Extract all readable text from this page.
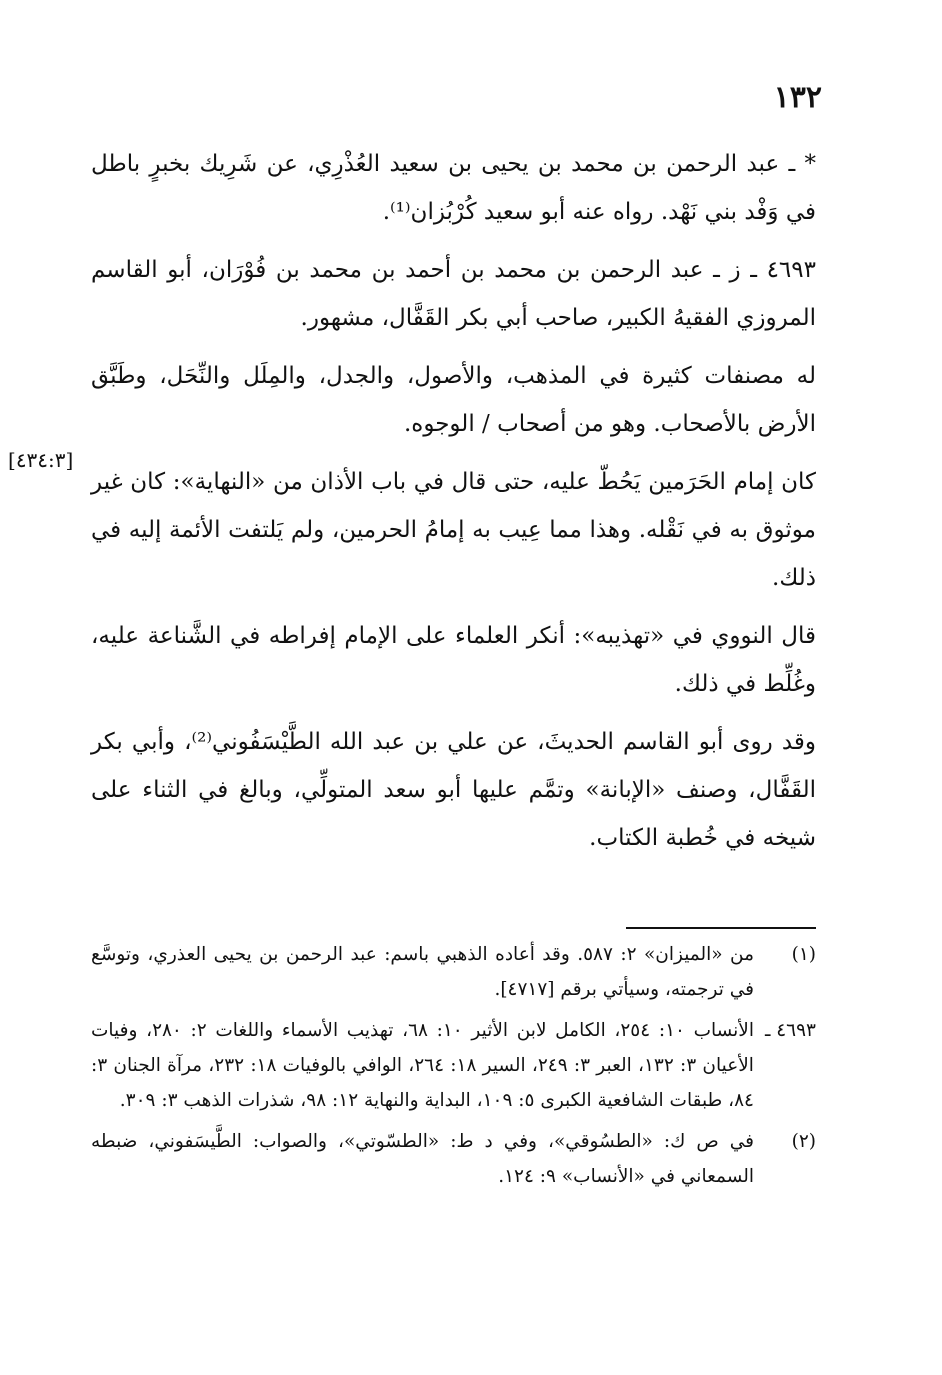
١٣٢

* ـ عبد الرحمن بن محمد بن يحيى بن سعيد العُذْرِي، عن شَرِيك بخبرٍ باطل في وَفْد بني نَهْد. رواه عنه أبو سعيد كُرْبُزان⁽¹⁾.

٤٦٩٣ ـ ز ـ عبد الرحمن بن محمد بن أحمد بن محمد بن فُوْرَان، أبو القاسم المروزي الفقيهُ الكبير، صاحب أبي بكر القَفَّال، مشهور.

له مصنفات كثيرة في المذهب، والأصول، والجدل، والمِلَل والنِّحَل، وطَبَّق الأرض بالأصحاب. وهو من أصحاب / الوجوه.

كان إمام الحَرَمين يَحُطّ عليه، حتى قال في باب الأذان من «النهاية»: كان غير موثوق به في نَقْله. وهذا مما عِيب به إمامُ الحرمين، ولم يَلتفت الأئمة إليه في ذلك.

قال النووي في «تهذيبه»: أنكر العلماء على الإمام إفراطه في الشَّناعة عليه، وغُلِّط في ذلك.

وقد روى أبو القاسم الحديثَ، عن علي بن عبد الله الطَّيْسَفُوني⁽²⁾، وأبي بكر القَفَّال، وصنف «الإبانة» وتمَّم عليها أبو سعد المتولِّي، وبالغ في الثناء على شيخه في خُطبة الكتاب.

[٤٣٤:٣]
(١)
من «الميزان» ٢: ٥٨٧. وقد أعاده الذهبي باسم: عبد الرحمن بن يحيى العذري، وتوسَّع في ترجمته، وسيأتي برقم [٤٧١٧].
٤٦٩٣ ـ
الأنساب ١٠: ٢٥٤، الكامل لابن الأثير ١٠: ٦٨، تهذيب الأسماء واللغات ٢: ٢٨٠، وفيات الأعيان ٣: ١٣٢، العبر ٣: ٢٤٩، السير ١٨: ٢٦٤، الوافي بالوفيات ١٨: ٢٣٢، مرآة الجنان ٣: ٨٤، طبقات الشافعية الكبرى ٥: ١٠٩، البداية والنهاية ١٢: ٩٨، شذرات الذهب ٣: ٣٠٩.
(٢)
في ص ك: «الطسُوقي»، وفي د ط: «الطسّوتي»، والصواب: الطَّيسَفوني، ضبطه السمعاني في «الأنساب» ٩: ١٢٤.
